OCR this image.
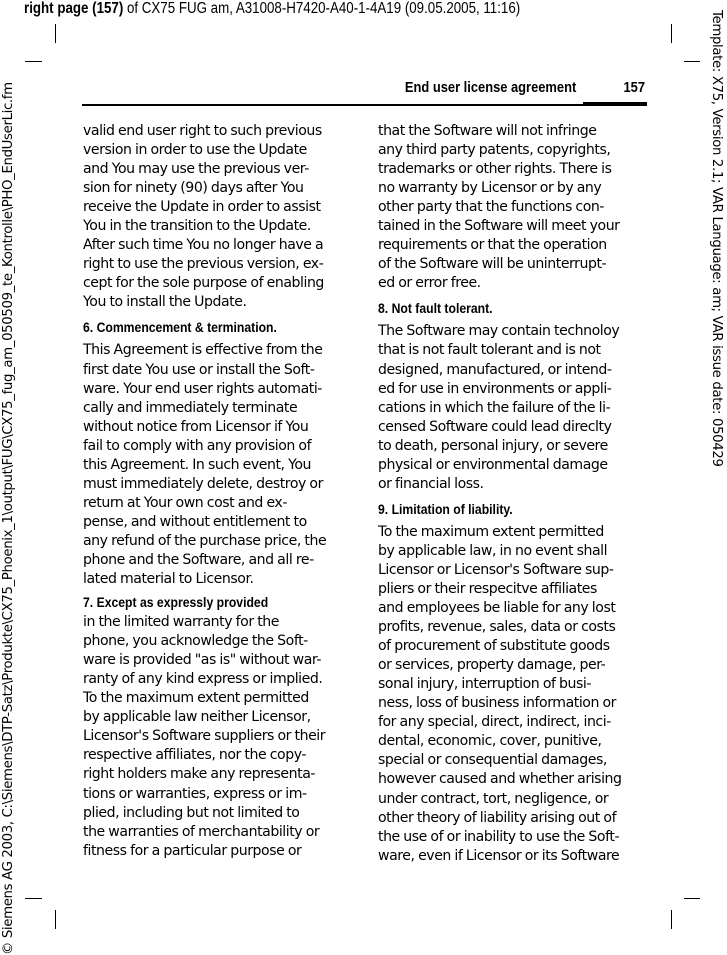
right page (157) of CX75 FUG am, A31008-H7420-A40-1-4A19 (09.05.2005, 11:16)
© Siemens AG 2003, C:\Siemens\DTP-Satz\Produkte\CX75_Phoenix_1\output\FUG\CX75_fug_am_050509_te_Kontrolle\PHO_EndUserLic.fm	Template: X75, Version 2.1; VAR Language: am; VAR issue date: 050429
End user license agreement	157
valid end user right to such previous
version in order to use the Update
and You may use the previous ver-
sion for ninety (90) days after You
receive the Update in order to assist
You in the transition to the Update.
After such time You no longer have a
right to use the previous version, ex-
cept for the sole purpose of enabling
You to install the Update.
6. Commencement & termination.
This Agreement is effective from the
first date You use or install the Soft-
ware. Your end user rights automati-
cally and immediately terminate
without notice from Licensor if You
fail to comply with any provision of
this Agreement. In such event, You
must immediately delete, destroy or
return at Your own cost and ex-
pense, and without entitlement to
any refund of the purchase price, the
phone and the Software, and all re-
lated material to Licensor.
7. Except as expressly provided
in the limited warranty for the
phone, you acknowledge the Soft-
ware is provided "as is" without war-
ranty of any kind express or implied.
To the maximum extent permitted
by applicable law neither Licensor,
Licensor's Software suppliers or their
respective affiliates, nor the copy-
right holders make any representa-
tions or warranties, express or im-
plied, including but not limited to
the warranties of merchantability or
fitness for a particular purpose or
that the Software will not infringe
any third party patents, copyrights,
trademarks or other rights. There is
no warranty by Licensor or by any
other party that the functions con-
tained in the Software will meet your
requirements or that the operation
of the Software will be uninterrupt-
ed or error free.
8. Not fault tolerant.
The Software may contain technoloy
that is not fault tolerant and is not
designed, manufactured, or intend-
ed for use in environments or appli-
cations in which the failure of the li-
censed Software could lead direclty
to death, personal injury, or severe
physical or environmental damage
or financial loss.
9. Limitation of liability.
To the maximum extent permitted
by applicable law, in no event shall
Licensor or Licensor's Software sup-
pliers or their respecitve affiliates
and employees be liable for any lost
profits, revenue, sales, data or costs
of procurement of substitute goods
or services, property damage, per-
sonal injury, interruption of busi-
ness, loss of business information or
for any special, direct, indirect, inci-
dental, economic, cover, punitive,
special or consequential damages,
however caused and whether arising
under contract, tort, negligence, or
other theory of liability arising out of
the use of or inability to use the Soft-
ware, even if Licensor or its Software
